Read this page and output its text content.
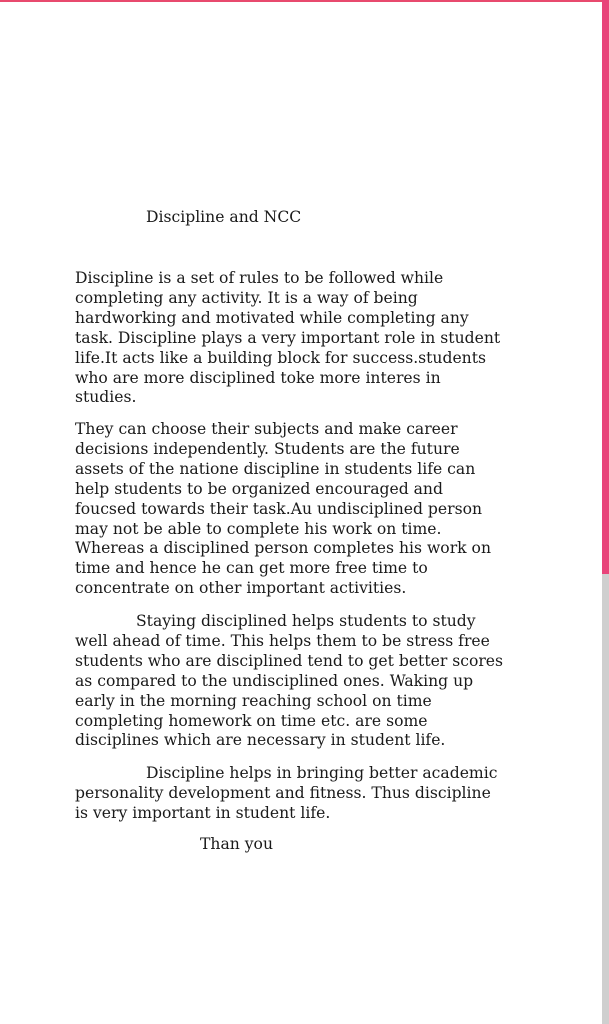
Discipline and NCC

Discipline is a set of rules to be followed while
completing any activity. It is a way of being
hardworking and motivated while completing any
task. Discipline plays a very important role in student
life.It acts like a building block for success.students
who are more disciplined toke more interes in
studies.

They can choose their subjects and make career
decisions independently. Students are the future
assets of the natione discipline in students life can
help students to be organized encouraged and
foucsed towards their task.Au undisciplined person
may not be able to complete his work on time.
Whereas a disciplined person completes his work on
time and hence he can get more free time to
concentrate on other important activities.

Staying disciplined helps students to study
well ahead of time. This helps them to be stress free
students who are disciplined tend to get better scores
as compared to the undisciplined ones. Waking up
early in the morning reaching school on time
completing homework on time etc. are some
disciplines which are necessary in student life.

Discipline helps in bringing better academic
personality development and fitness. Thus discipline
is very important in student life.

Than you
